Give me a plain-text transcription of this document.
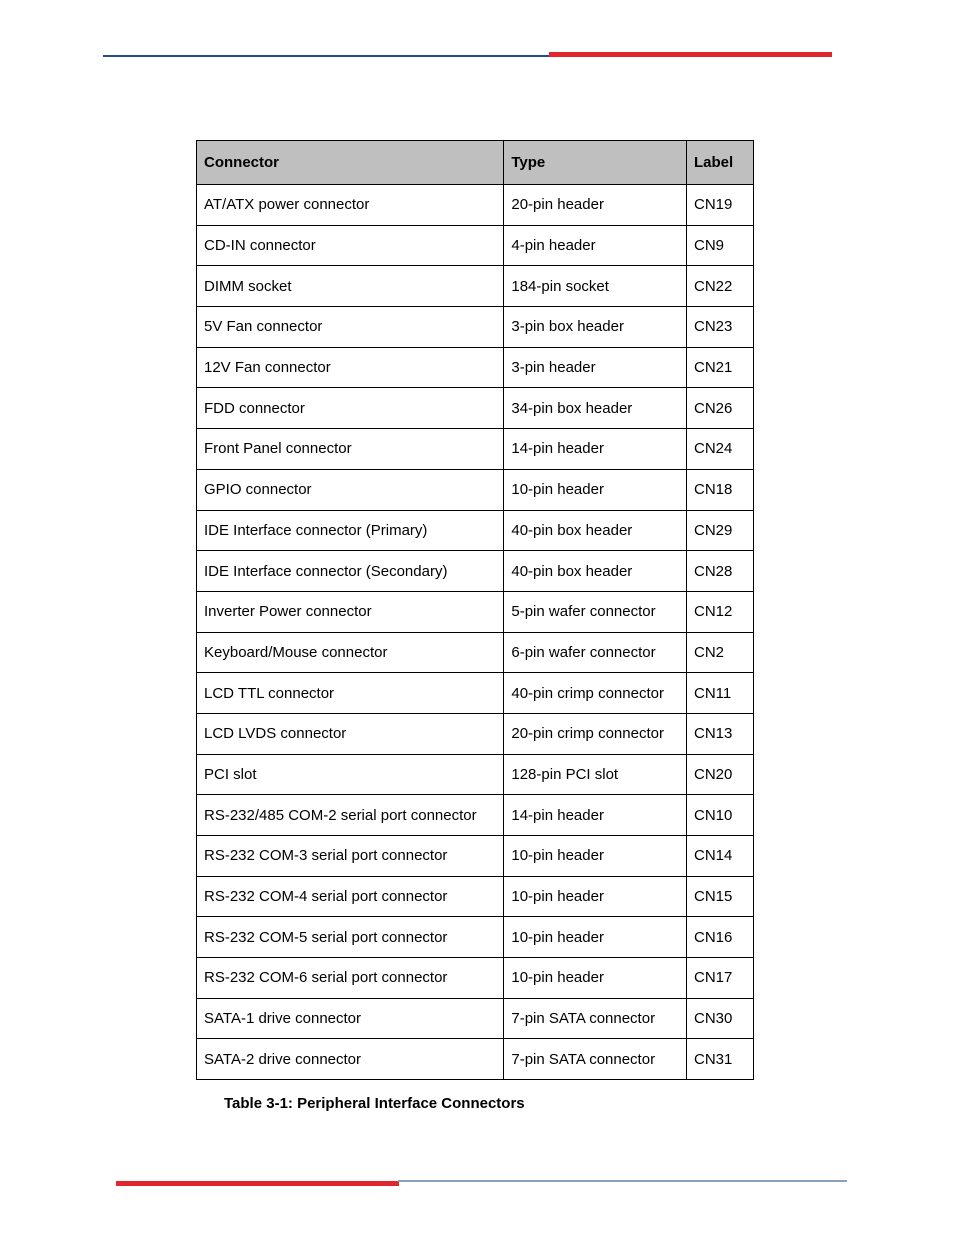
Connector	Type	Label
AT/ATX power connector	20-pin header	CN19
CD-IN connector	4-pin header	CN9
DIMM socket	184-pin socket	CN22
5V Fan connector	3-pin box header	CN23
12V Fan connector	3-pin header	CN21
FDD connector	34-pin box header	CN26
Front Panel connector	14-pin header	CN24
GPIO connector	10-pin header	CN18
IDE Interface connector (Primary)	40-pin box header	CN29
IDE Interface connector (Secondary)	40-pin box header	CN28
Inverter Power connector	5-pin wafer connector	CN12
Keyboard/Mouse connector	6-pin wafer connector	CN2
LCD TTL connector	40-pin crimp connector	CN11
LCD LVDS connector	20-pin crimp connector	CN13
PCI slot	128-pin PCI slot	CN20
RS-232/485 COM-2 serial port connector	14-pin header	CN10
RS-232 COM-3 serial port connector	10-pin header	CN14
RS-232 COM-4 serial port connector	10-pin header	CN15
RS-232 COM-5 serial port connector	10-pin header	CN16
RS-232 COM-6 serial port connector	10-pin header	CN17
SATA-1 drive connector	7-pin SATA connector	CN30
SATA-2 drive connector	7-pin SATA connector	CN31
Table 3-1: Peripheral Interface Connectors
